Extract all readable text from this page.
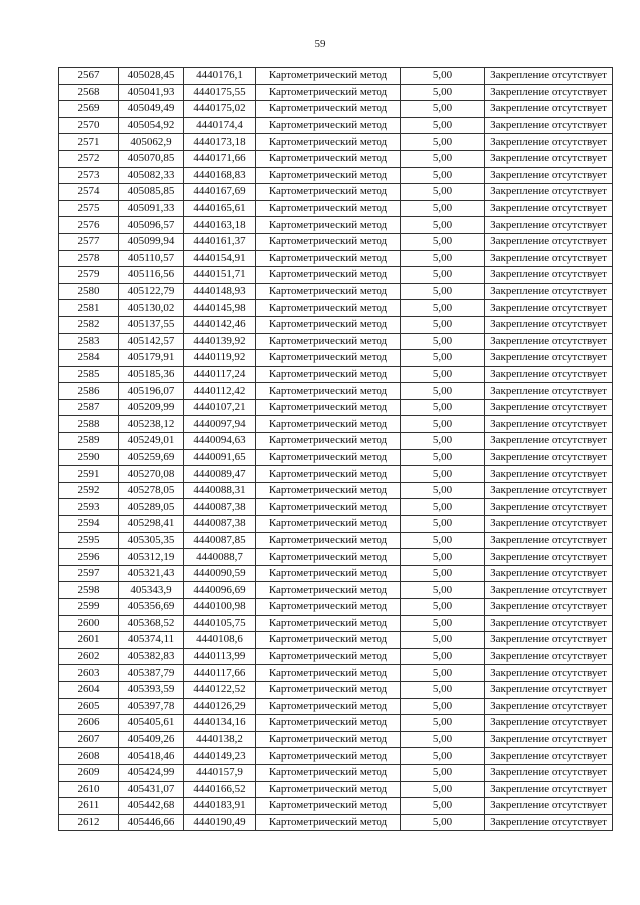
59
2567	405028,45	4440176,1	Картометрический метод	5,00	Закрепление отсутствует
2568	405041,93	4440175,55	Картометрический метод	5,00	Закрепление отсутствует
2569	405049,49	4440175,02	Картометрический метод	5,00	Закрепление отсутствует
2570	405054,92	4440174,4	Картометрический метод	5,00	Закрепление отсутствует
2571	405062,9	4440173,18	Картометрический метод	5,00	Закрепление отсутствует
2572	405070,85	4440171,66	Картометрический метод	5,00	Закрепление отсутствует
2573	405082,33	4440168,83	Картометрический метод	5,00	Закрепление отсутствует
2574	405085,85	4440167,69	Картометрический метод	5,00	Закрепление отсутствует
2575	405091,33	4440165,61	Картометрический метод	5,00	Закрепление отсутствует
2576	405096,57	4440163,18	Картометрический метод	5,00	Закрепление отсутствует
2577	405099,94	4440161,37	Картометрический метод	5,00	Закрепление отсутствует
2578	405110,57	4440154,91	Картометрический метод	5,00	Закрепление отсутствует
2579	405116,56	4440151,71	Картометрический метод	5,00	Закрепление отсутствует
2580	405122,79	4440148,93	Картометрический метод	5,00	Закрепление отсутствует
2581	405130,02	4440145,98	Картометрический метод	5,00	Закрепление отсутствует
2582	405137,55	4440142,46	Картометрический метод	5,00	Закрепление отсутствует
2583	405142,57	4440139,92	Картометрический метод	5,00	Закрепление отсутствует
2584	405179,91	4440119,92	Картометрический метод	5,00	Закрепление отсутствует
2585	405185,36	4440117,24	Картометрический метод	5,00	Закрепление отсутствует
2586	405196,07	4440112,42	Картометрический метод	5,00	Закрепление отсутствует
2587	405209,99	4440107,21	Картометрический метод	5,00	Закрепление отсутствует
2588	405238,12	4440097,94	Картометрический метод	5,00	Закрепление отсутствует
2589	405249,01	4440094,63	Картометрический метод	5,00	Закрепление отсутствует
2590	405259,69	4440091,65	Картометрический метод	5,00	Закрепление отсутствует
2591	405270,08	4440089,47	Картометрический метод	5,00	Закрепление отсутствует
2592	405278,05	4440088,31	Картометрический метод	5,00	Закрепление отсутствует
2593	405289,05	4440087,38	Картометрический метод	5,00	Закрепление отсутствует
2594	405298,41	4440087,38	Картометрический метод	5,00	Закрепление отсутствует
2595	405305,35	4440087,85	Картометрический метод	5,00	Закрепление отсутствует
2596	405312,19	4440088,7	Картометрический метод	5,00	Закрепление отсутствует
2597	405321,43	4440090,59	Картометрический метод	5,00	Закрепление отсутствует
2598	405343,9	4440096,69	Картометрический метод	5,00	Закрепление отсутствует
2599	405356,69	4440100,98	Картометрический метод	5,00	Закрепление отсутствует
2600	405368,52	4440105,75	Картометрический метод	5,00	Закрепление отсутствует
2601	405374,11	4440108,6	Картометрический метод	5,00	Закрепление отсутствует
2602	405382,83	4440113,99	Картометрический метод	5,00	Закрепление отсутствует
2603	405387,79	4440117,66	Картометрический метод	5,00	Закрепление отсутствует
2604	405393,59	4440122,52	Картометрический метод	5,00	Закрепление отсутствует
2605	405397,78	4440126,29	Картометрический метод	5,00	Закрепление отсутствует
2606	405405,61	4440134,16	Картометрический метод	5,00	Закрепление отсутствует
2607	405409,26	4440138,2	Картометрический метод	5,00	Закрепление отсутствует
2608	405418,46	4440149,23	Картометрический метод	5,00	Закрепление отсутствует
2609	405424,99	4440157,9	Картометрический метод	5,00	Закрепление отсутствует
2610	405431,07	4440166,52	Картометрический метод	5,00	Закрепление отсутствует
2611	405442,68	4440183,91	Картометрический метод	5,00	Закрепление отсутствует
2612	405446,66	4440190,49	Картометрический метод	5,00	Закрепление отсутствует
